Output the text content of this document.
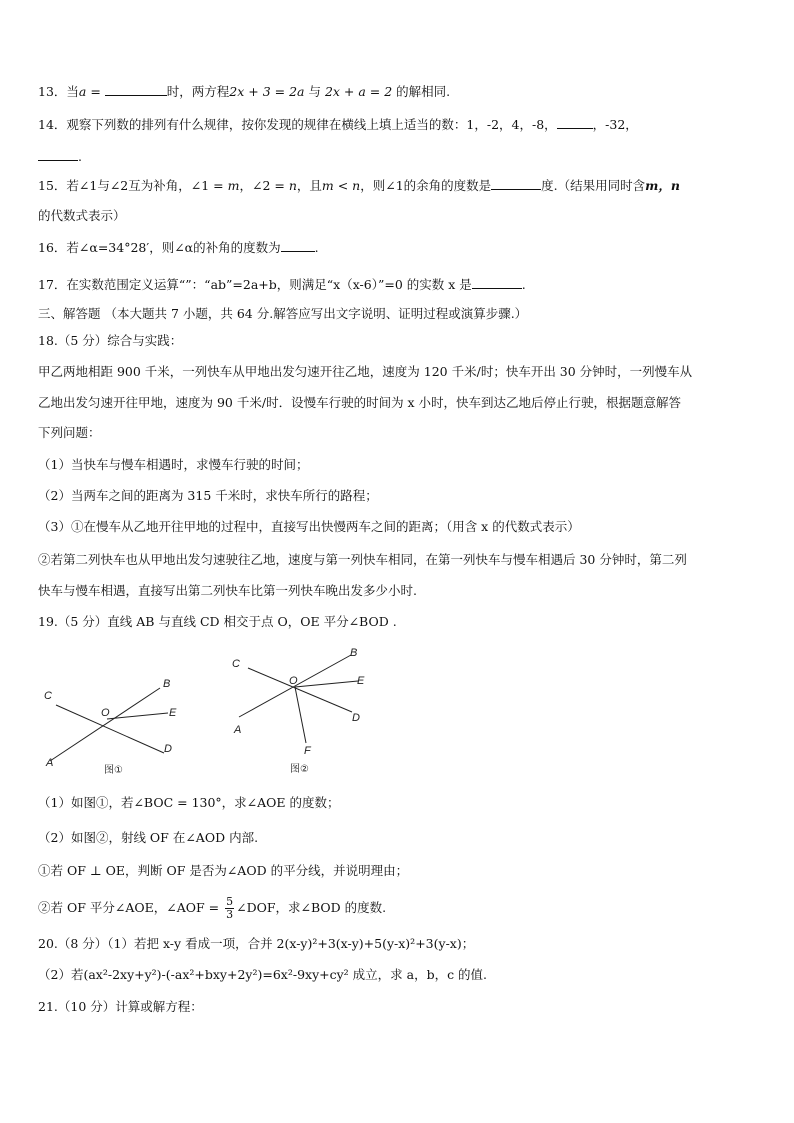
13．当a =	时，两方程2x + 3 = 2a 与 2x + a = 2 的解相同.
14．观察下列数的排列有什么规律，按你发现的规律在横线上填上适当的数：1，-2，4，-8，	，-32，
.
15．若∠1与∠2互为补角，∠1 = m，∠2 = n，且m < n，则∠1的余角的度数是	度.（结果用同时含m，n
的代数式表示）
16．若∠α=34°28′，则∠α的补角的度数为	.
17．在实数范围定义运算“”：“ab”=2a+b，则满足“x（x-6）”=0 的实数 x 是	.
三、解答题 （本大题共 7 小题，共 64 分.解答应写出文字说明、证明过程或演算步骤.）
18.（5 分）综合与实践：
甲乙两地相距 900 千米，一列快车从甲地出发匀速开往乙地，速度为 120 千米/时；快车开出 30 分钟时，一列慢车从
乙地出发匀速开往甲地，速度为 90 千米/时．设慢车行驶的时间为 x 小时，快车到达乙地后停止行驶，根据题意解答
下列问题：
（1）当快车与慢车相遇时，求慢车行驶的时间；
（2）当两车之间的距离为 315 千米时，求快车所行的路程；
（3）①在慢车从乙地开往甲地的过程中，直接写出快慢两车之间的距离；（用含 x 的代数式表示）
②若第二列快车也从甲地出发匀速驶往乙地，速度与第一列快车相同，在第一列快车与慢车相遇后 30 分钟时，第二列
快车与慢车相遇，直接写出第二列快车比第一列快车晚出发多少小时.
19.（5 分）直线 AB 与直线 CD 相交于点 O，OE 平分∠BOD .
C
B
O	E
A
D
图①
C
B
O	E
A
D
F
图②
（1）如图①，若∠BOC = 130°，求∠AOE 的度数；
（2）如图②，射线 OF 在∠AOD 内部.
①若 OF ⊥ OE，判断 OF 是否为∠AOD 的平分线，并说明理由；
②若 OF 平分∠AOE，∠AOF = $\frac{5}{3}$ ∠DOF，求∠BOD 的度数.
20.（8 分）（1）若把 x-y 看成一项，合并 2(x-y)²+3(x-y)+5(y-x)²+3(y-x)；
（2）若(ax²-2xy+y²)-(-ax²+bxy+2y²)=6x²-9xy+cy² 成立，求 a，b，c 的值.
21.（10 分）计算或解方程：
